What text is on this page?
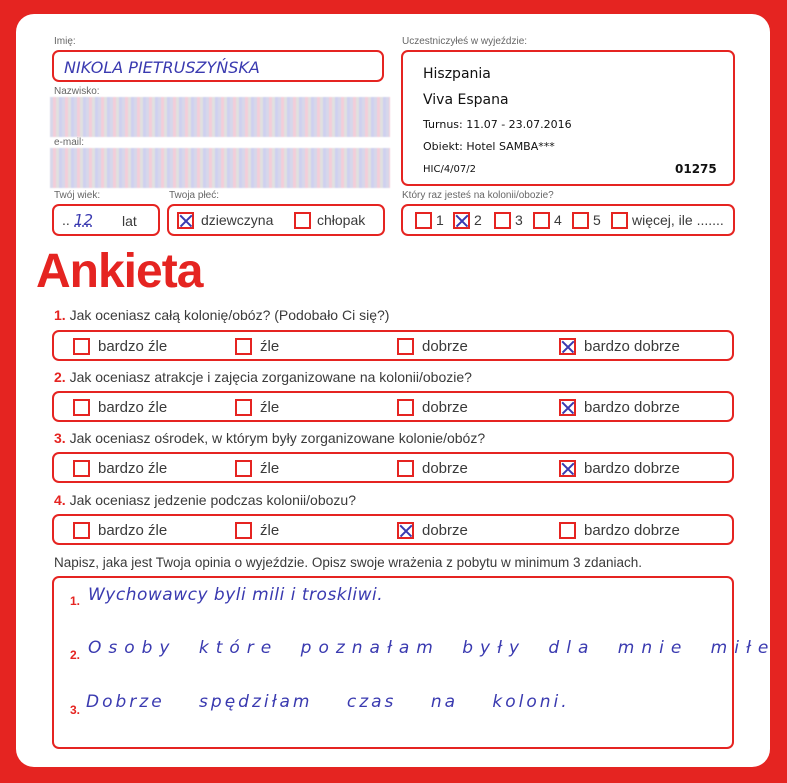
Imię:
NIKOLA PIETRUSZYŃSKA
Nazwisko:
e-mail:
Twój wiek:
.. 12 lat
Twoja płeć:
dziewczyna	chłopak
Uczestniczyłeś w wyjeździe:
Hiszpania
Viva Espana
Turnus: 11.07 - 23.07.2016
Obiekt: Hotel SAMBA***
HIC/4/07/2	01275
Który raz jesteś na kolonii/obozie?
1 2 3 4 5 więcej, ile .......
Ankieta
1. Jak oceniasz całą kolonię/obóz? (Podobało Ci się?)
bardzo źle	źle	dobrze	bardzo dobrze
2. Jak oceniasz atrakcje i zajęcia zorganizowane na kolonii/obozie?
bardzo źle	źle	dobrze	bardzo dobrze
3. Jak oceniasz ośrodek, w którym były zorganizowane kolonie/obóz?
bardzo źle	źle	dobrze	bardzo dobrze
4. Jak oceniasz jedzenie podczas kolonii/obozu?
bardzo źle	źle	dobrze	bardzo dobrze
Napisz, jaka jest Twoja opinia o wyjeździe. Opisz swoje wrażenia z pobytu w minimum 3 zdaniach.
1. Wychowawcy byli mili i troskliwi.
2. Osoby które poznałam były dla mnie miłe
3. Dobrze spędziłam czas na koloni.
